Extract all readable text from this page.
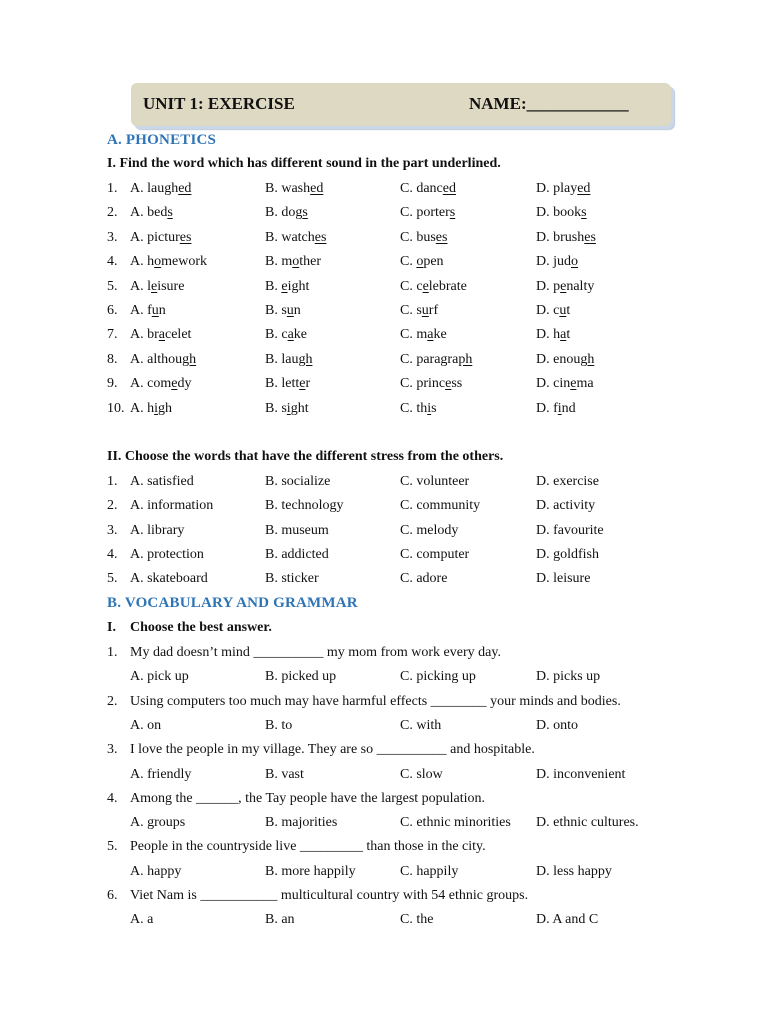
UNIT 1: EXERCISE	NAME:____________
A. PHONETICS
I. Find the word which has different sound in the part underlined.
1. A. laughed	B. washed	C. danced	D. played
2. A. beds	B. dogs	C. porters	D. books
3. A. pictures	B. watches	C. buses	D. brushes
4. A. homework	B. mother	C. open	D. judo
5. A. leisure	B. eight	C. celebrate	D. penalty
6. A. fun	B. sun	C. surf	D. cut
7. A. bracelet	B. cake	C. make	D. hat
8. A. although	B. laugh	C. paragraph	D. enough
9. A. comedy	B. letter	C. princess	D. cinema
10. A. high	B. sight	C. this	D. find
II. Choose the words that have the different stress from the others.
1. A. satisfied	B. socialize	C. volunteer	D. exercise
2. A. information	B. technology	C. community	D. activity
3. A. library	B. museum	C. melody	D. favourite
4. A. protection	B. addicted	C. computer	D. goldfish
5. A. skateboard	B. sticker	C. adore	D. leisure
B. VOCABULARY AND GRAMMAR
I. Choose the best answer.
1. My dad doesn’t mind __________ my mom from work every day.
A. pick up	B. picked up	C. picking up	D. picks up
2. Using computers too much may have harmful effects ________ your minds and bodies.
A. on	B. to	C. with	D. onto
3. I love the people in my village. They are so __________ and hospitable.
A. friendly	B. vast	C. slow	D. inconvenient
4. Among the ______, the Tay people have the largest population.
A. groups	B. majorities	C. ethnic minorities D. ethnic cultures.
5. People in the countryside live _________ than those in the city.
A. happy	B. more happily	C. happily	D. less happy
6. Viet Nam is ___________ multicultural country with 54 ethnic groups.
A. a	B. an	C. the	D. A and C
